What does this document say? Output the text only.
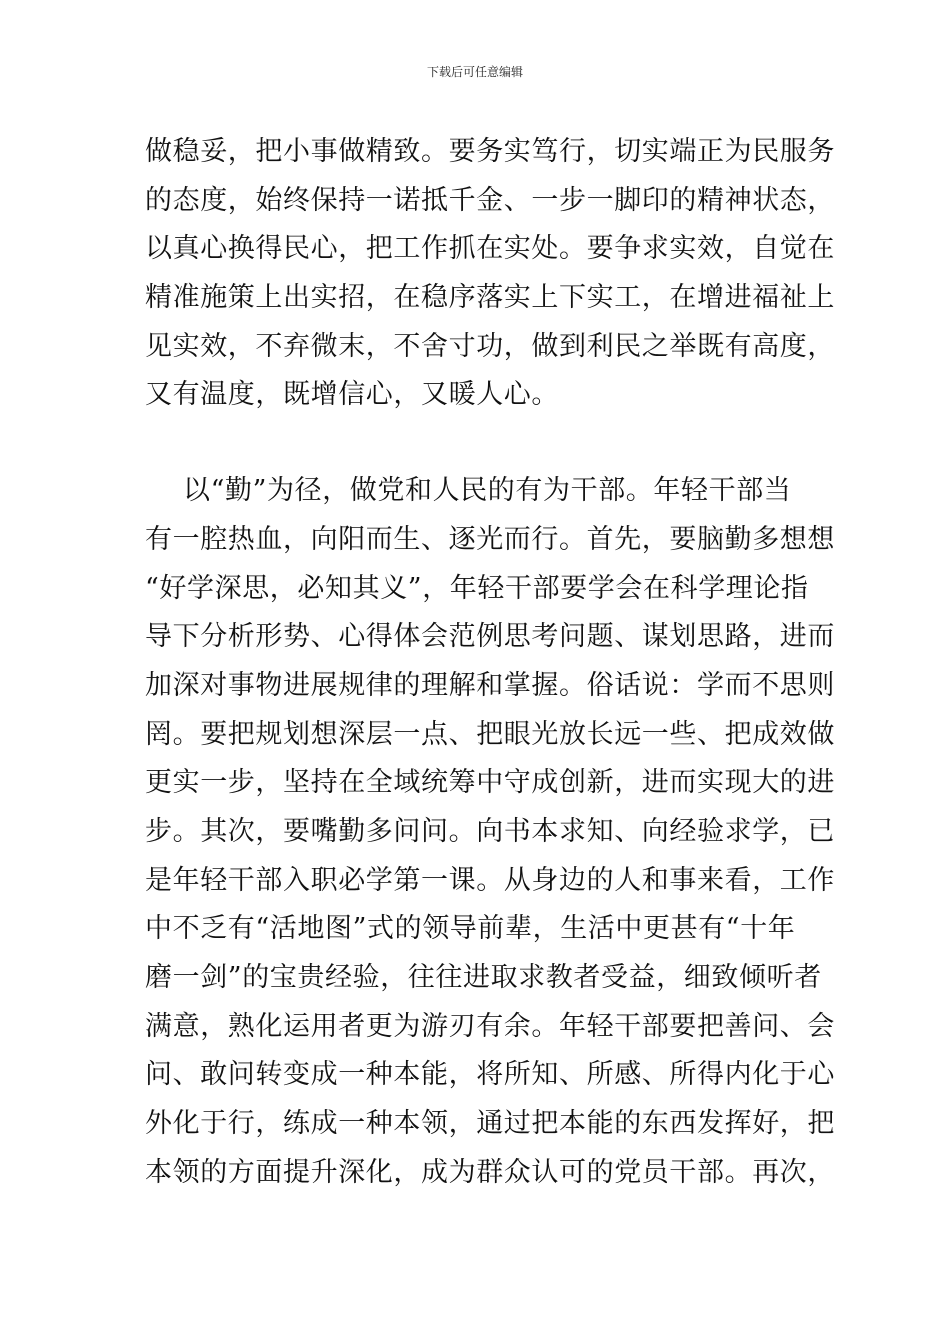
下载后可任意编辑
做稳妥，把小事做精致。要务实笃行，切实端正为民服务
的态度，始终保持一诺抵千金、一步一脚印的精神状态，
以真心换得民心，把工作抓在实处。要争求实效，自觉在
精准施策上出实招，在稳序落实上下实工，在增进福祉上
见实效，不弃微末，不舍寸功，做到利民之举既有高度，
又有温度，既增信心，又暖人心。
以“勤”为径，做党和人民的有为干部。年轻干部当
有一腔热血，向阳而生、逐光而行。首先，要脑勤多想想
“好学深思，必知其义”，年轻干部要学会在科学理论指
导下分析形势、心得体会范例思考问题、谋划思路，进而
加深对事物进展规律的理解和掌握。俗话说：学而不思则
罔。要把规划想深层一点、把眼光放长远一些、把成效做
更实一步，坚持在全域统筹中守成创新，进而实现大的进
步。其次，要嘴勤多问问。向书本求知、向经验求学，已
是年轻干部入职必学第一课。从身边的人和事来看，工作
中不乏有“活地图”式的领导前辈，生活中更甚有“十年
磨一剑”的宝贵经验，往往进取求教者受益，细致倾听者
满意，熟化运用者更为游刃有余。年轻干部要把善问、会
问、敢问转变成一种本能，将所知、所感、所得内化于心
外化于行，练成一种本领，通过把本能的东西发挥好，把
本领的方面提升深化，成为群众认可的党员干部。再次，
